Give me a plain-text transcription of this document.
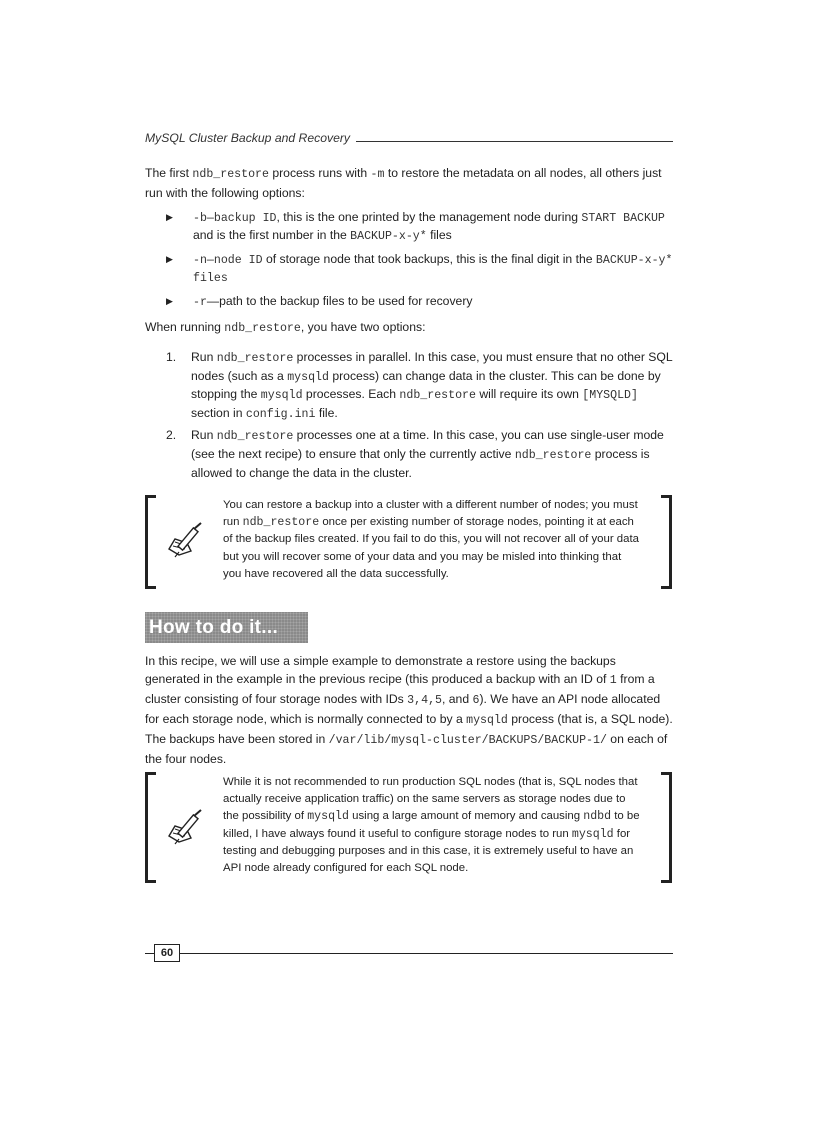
MySQL Cluster Backup and Recovery

The first ndb_restore process runs with -m to restore the metadata on all nodes, all others just run with the following options:

▶ -b—backup ID, this is the one printed by the management node during START BACKUP and is the first number in the BACKUP-x-y* files
▶ -n—node ID of storage node that took backups, this is the final digit in the BACKUP-x-y* files
▶ -r—path to the backup files to be used for recovery

When running ndb_restore, you have two options:

1. Run ndb_restore processes in parallel. In this case, you must ensure that no other SQL nodes (such as a mysqld process) can change data in the cluster. This can be done by stopping the mysqld processes. Each ndb_restore will require its own [MYSQLD] section in config.ini file.
2. Run ndb_restore processes one at a time. In this case, you can use single-user mode (see the next recipe) to ensure that only the currently active ndb_restore process is allowed to change the data in the cluster.
You can restore a backup into a cluster with a different number of nodes; you must run ndb_restore once per existing number of storage nodes, pointing it at each of the backup files created. If you fail to do this, you will not recover all of your data but you will recover some of your data and you may be misled into thinking that you have recovered all the data successfully.
How to do it...

In this recipe, we will use a simple example to demonstrate a restore using the backups generated in the example in the previous recipe (this produced a backup with an ID of 1 from a cluster consisting of four storage nodes with IDs 3,4,5, and 6). We have an API node allocated for each storage node, which is normally connected to by a mysqld process (that is, a SQL node). The backups have been stored in /var/lib/mysql-cluster/BACKUPS/BACKUP-1/ on each of the four nodes.

While it is not recommended to run production SQL nodes (that is, SQL nodes that actually receive application traffic) on the same servers as storage nodes due to the possibility of mysqld using a large amount of memory and causing ndbd to be killed, I have always found it useful to configure storage nodes to run mysqld for testing and debugging purposes and in this case, it is extremely useful to have an API node already configured for each SQL node.
60
